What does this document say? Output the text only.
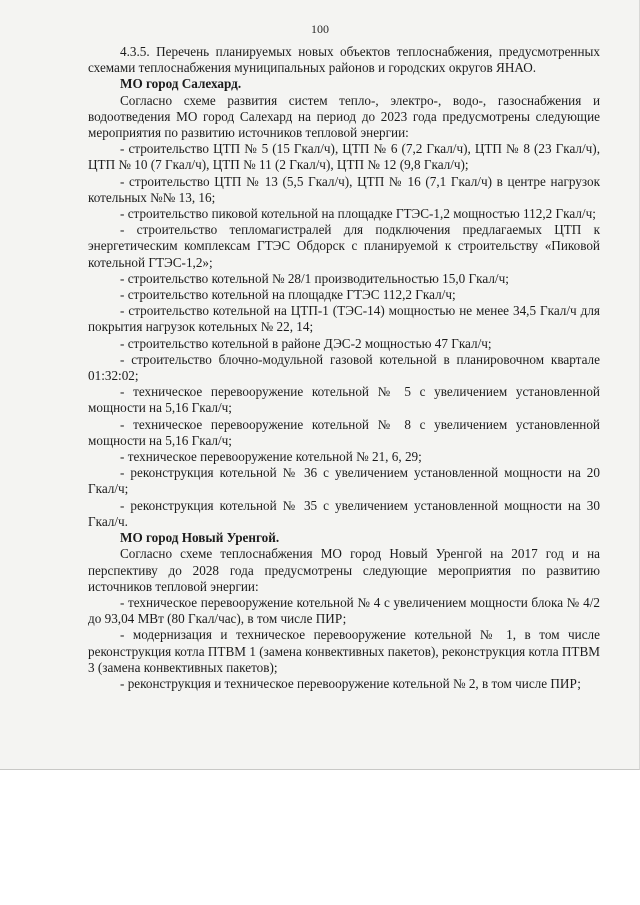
100

4.3.5. Перечень планируемых новых объектов теплоснабжения, предусмотренных схемами теплоснабжения муниципальных районов и городских округов ЯНАО.

МО город Салехард.

Согласно схеме развития систем тепло-, электро-, водо-, газоснабжения и водоотведения МО город Салехард на период до 2023 года предусмотрены следующие мероприятия по развитию источников тепловой энергии:

- строительство ЦТП № 5 (15 Гкал/ч), ЦТП № 6 (7,2 Гкал/ч), ЦТП № 8 (23 Гкал/ч), ЦТП № 10 (7 Гкал/ч), ЦТП № 11 (2 Гкал/ч), ЦТП № 12 (9,8 Гкал/ч);

- строительство ЦТП № 13 (5,5 Гкал/ч), ЦТП № 16 (7,1 Гкал/ч) в центре нагрузок котельных №№ 13, 16;

- строительство пиковой котельной на площадке ГТЭС-1,2 мощностью 112,2 Гкал/ч;

- строительство тепломагистралей для подключения предлагаемых ЦТП к энергетическим комплексам ГТЭС Обдорск с планируемой к строительству «Пиковой котельной ГТЭС-1,2»;

- строительство котельной № 28/1 производительностью 15,0 Гкал/ч;

- строительство котельной на площадке ГТЭС 112,2 Гкал/ч;

- строительство котельной на ЦТП-1 (ТЭС-14) мощностью не менее 34,5 Гкал/ч для покрытия нагрузок котельных № 22, 14;

- строительство котельной в районе ДЭС-2 мощностью 47 Гкал/ч;

- строительство блочно-модульной газовой котельной в планировочном квартале 01:32:02;

- техническое перевооружение котельной № 5 с увеличением установленной мощности на 5,16 Гкал/ч;

- техническое перевооружение котельной № 8 с увеличением установленной мощности на 5,16 Гкал/ч;

- техническое перевооружение котельной № 21, 6, 29;

- реконструкция котельной № 36 с увеличением установленной мощности на 20 Гкал/ч;

- реконструкция котельной № 35 с увеличением установленной мощности на 30 Гкал/ч.

МО город Новый Уренгой.

Согласно схеме теплоснабжения МО город Новый Уренгой на 2017 год и на перспективу до 2028 года предусмотрены следующие мероприятия по развитию источников тепловой энергии:

- техническое перевооружение котельной № 4 с увеличением мощности блока № 4/2 до 93,04 МВт (80 Гкал/час), в том числе ПИР;

- модернизация и техническое перевооружение котельной № 1, в том числе реконструкция котла ПТВМ 1 (замена конвективных пакетов), реконструкция котла ПТВМ 3 (замена конвективных пакетов);

- реконструкция и техническое перевооружение котельной № 2, в том числе ПИР;
